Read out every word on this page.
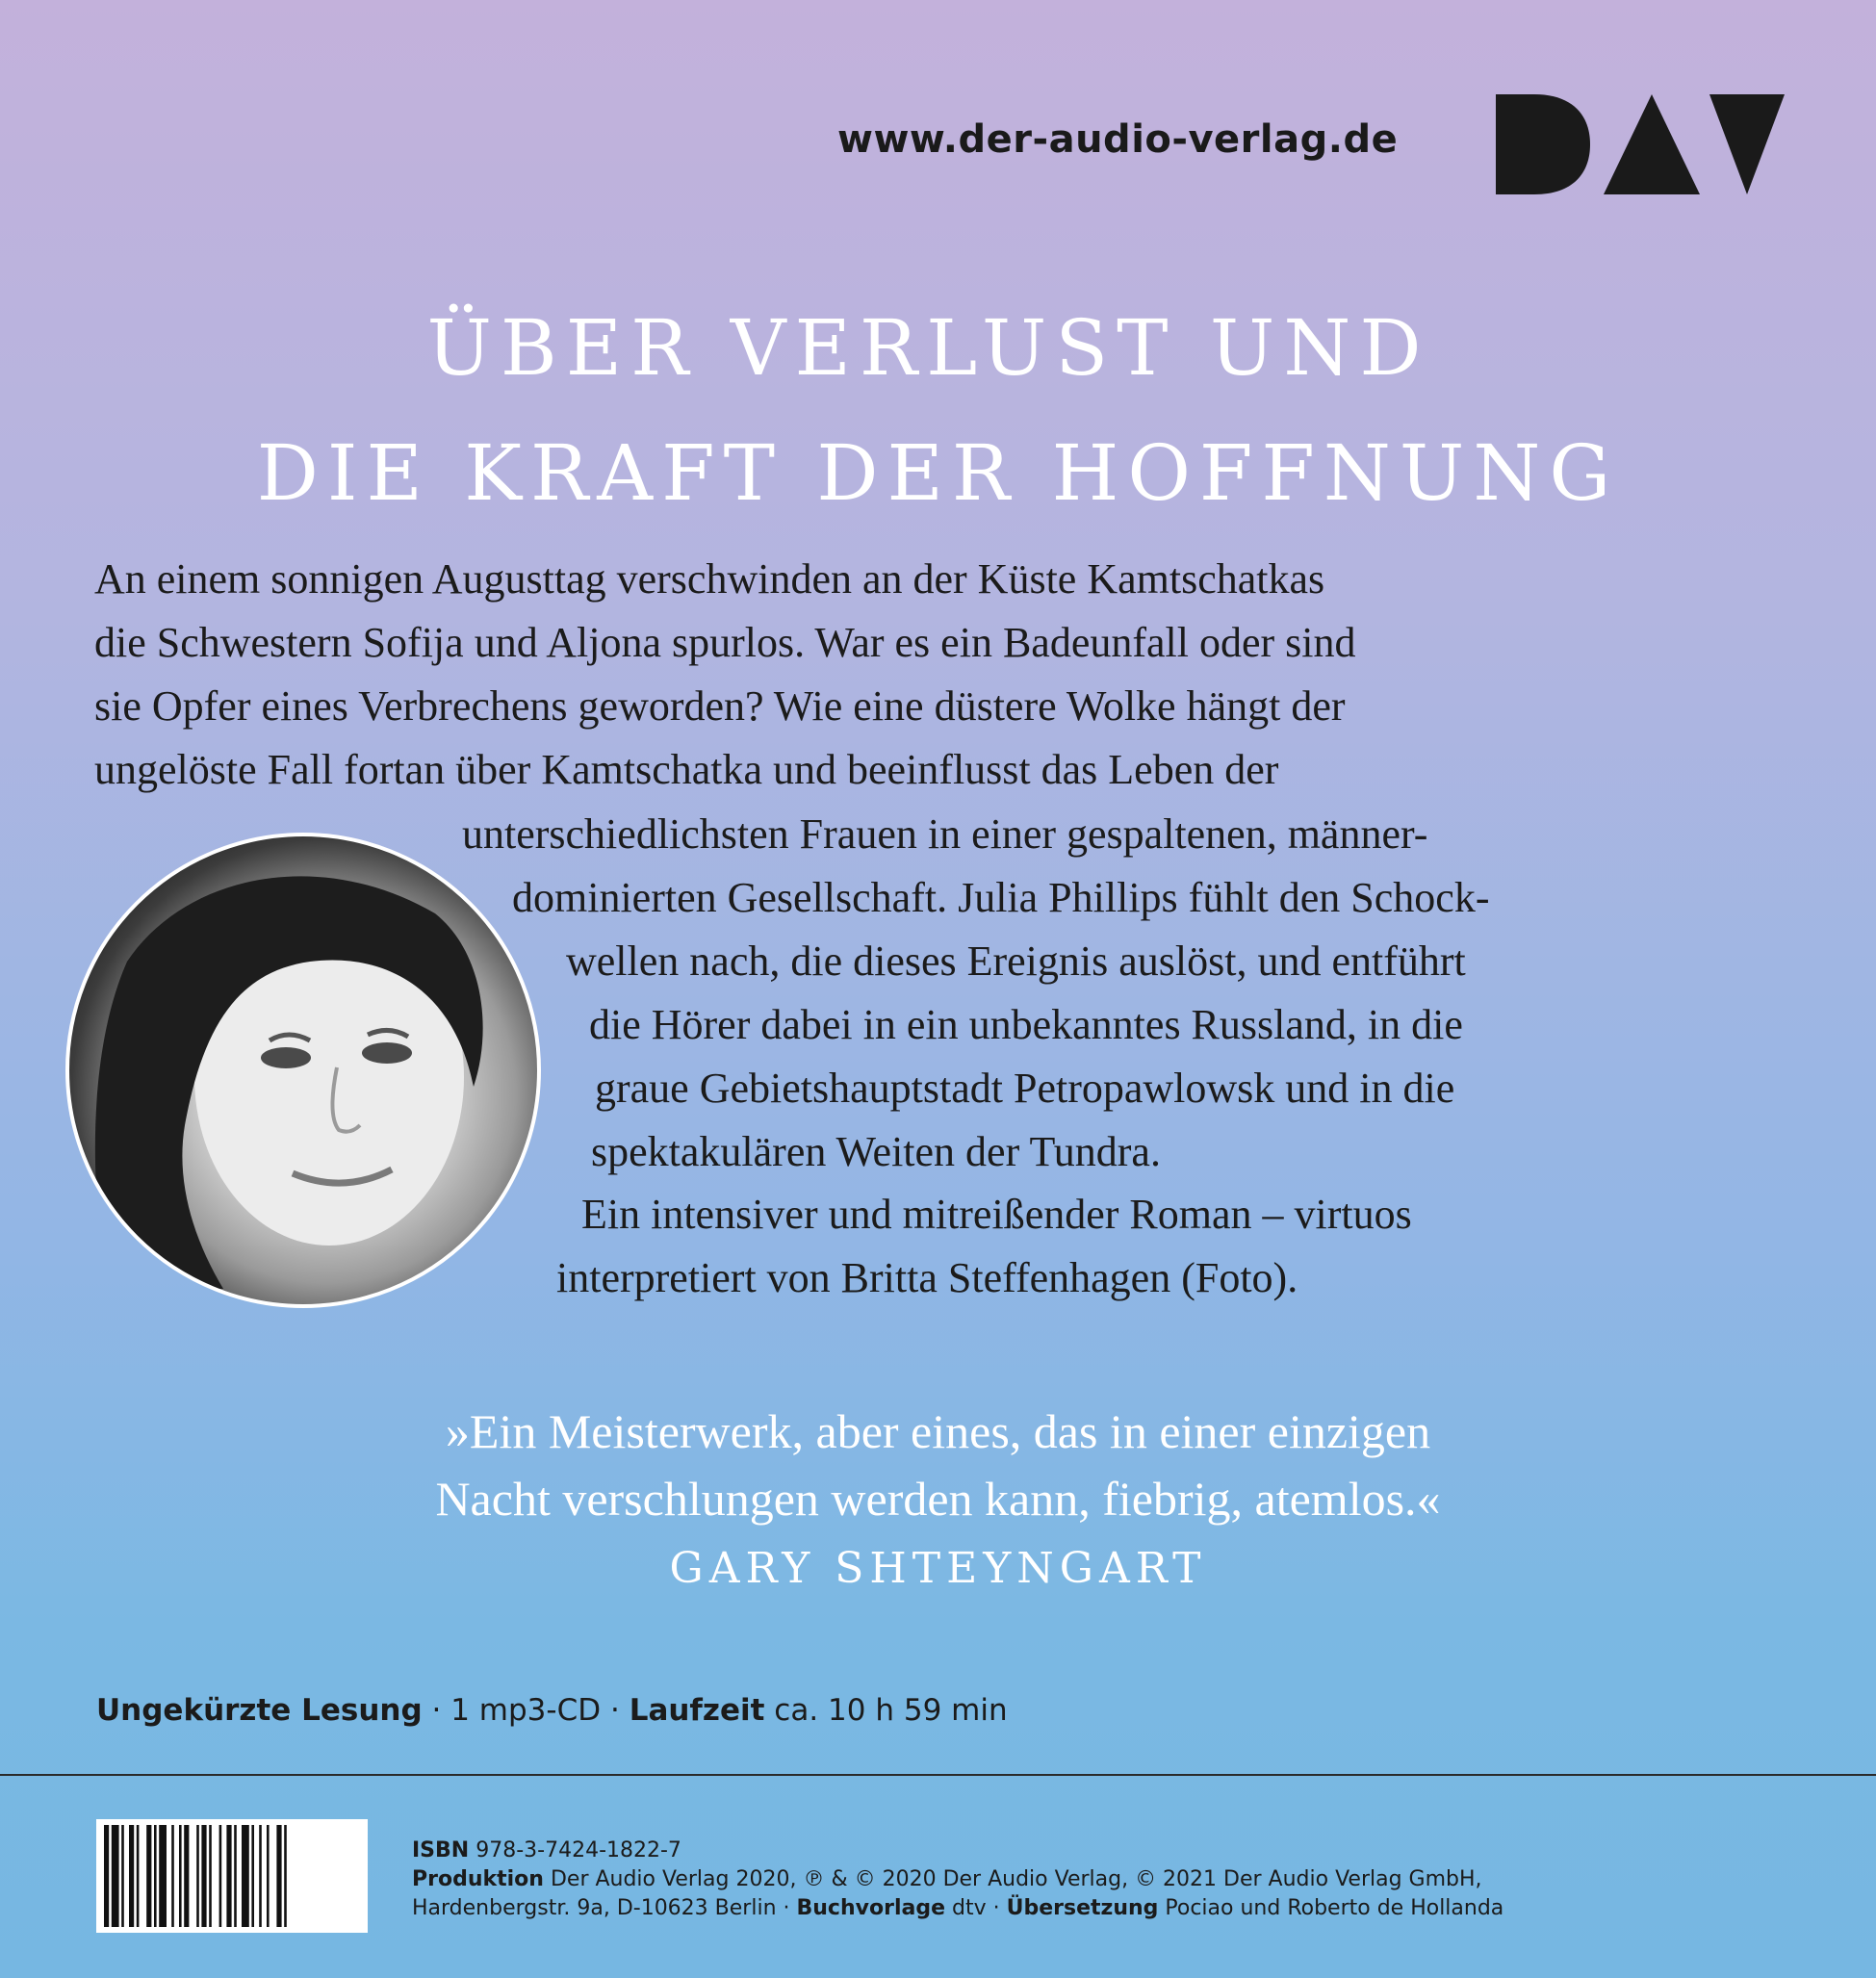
www.der-audio-verlag.de
ÜBER VERLUST UND
DIE KRAFT DER HOFFNUNG
An einem sonnigen Augusttag verschwinden an der Küste Kamtschatkas
die Schwestern Sofija und Aljona spurlos. War es ein Badeunfall oder sind
sie Opfer eines Verbrechens geworden? Wie eine düstere Wolke hängt der
ungelöste Fall fortan über Kamtschatka und beeinflusst das Leben der
unterschiedlichsten Frauen in einer gespaltenen, männer-
dominierten Gesellschaft. Julia Phillips fühlt den Schock-
wellen nach, die dieses Ereignis auslöst, und entführt
die Hörer dabei in ein unbekanntes Russland, in die
graue Gebietshauptstadt Petropawlowsk und in die
spektakulären Weiten der Tundra.
Ein intensiver und mitreißender Roman – virtuos
interpretiert von Britta Steffenhagen (Foto).
»Ein Meisterwerk, aber eines, das in einer einzigen
Nacht verschlungen werden kann, fiebrig, atemlos.«
GARY SHTEYNGART
Ungekürzte Lesung · 1 mp3-CD · Laufzeit ca. 10 h 59 min
ISBN 978-3-7424-1822-7
Produktion Der Audio Verlag 2020, ℗ & © 2020 Der Audio Verlag, © 2021 Der Audio Verlag GmbH,
Hardenbergstr. 9a, D-10623 Berlin · Buchvorlage dtv · Übersetzung Pociao und Roberto de Hollanda
